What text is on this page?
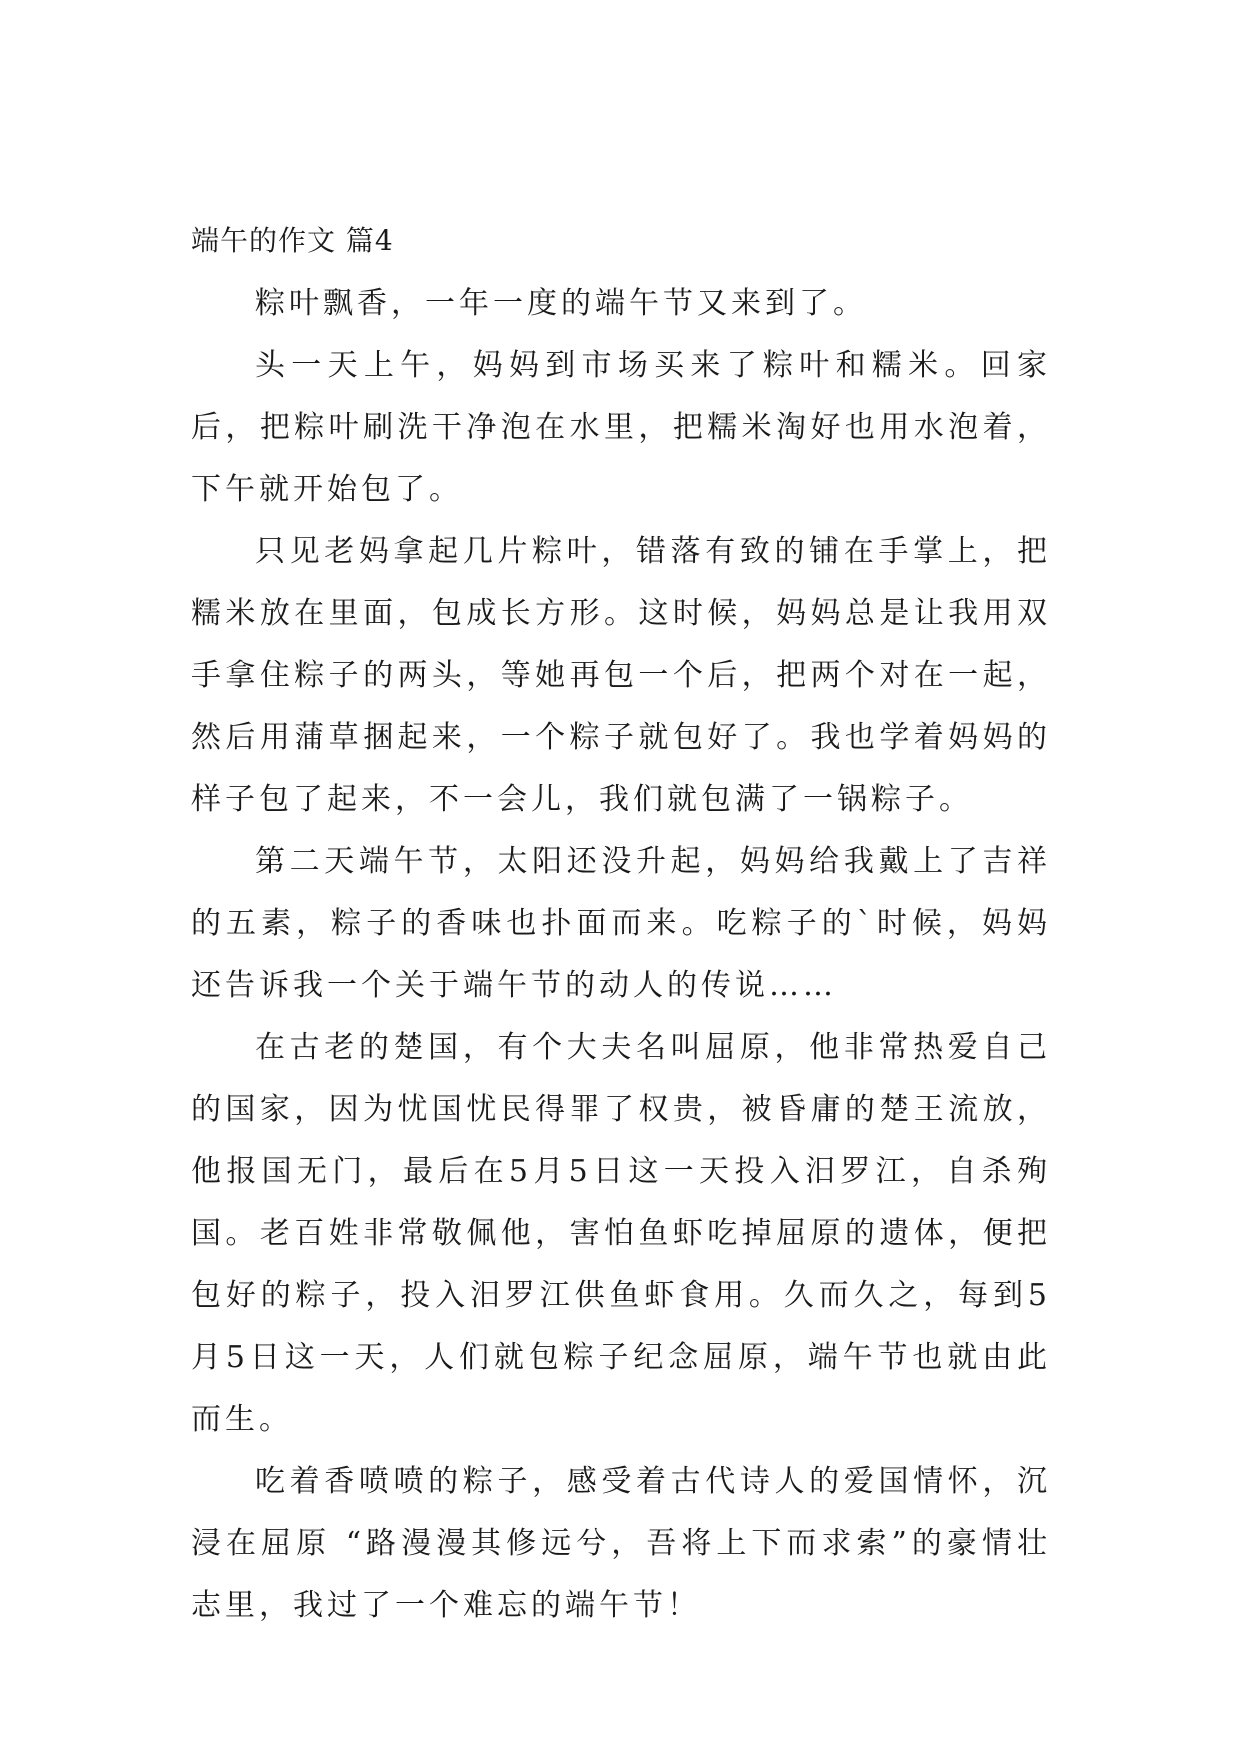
端午的作文 篇4

粽叶飘香，一年一度的端午节又来到了。

头一天上午，妈妈到市场买来了粽叶和糯米。回家后，把粽叶刷洗干净泡在水里，把糯米淘好也用水泡着，下午就开始包了。

只见老妈拿起几片粽叶，错落有致的铺在手掌上，把糯米放在里面，包成长方形。这时候，妈妈总是让我用双手拿住粽子的两头，等她再包一个后，把两个对在一起，然后用蒲草捆起来，一个粽子就包好了。我也学着妈妈的样子包了起来，不一会儿，我们就包满了一锅粽子。

第二天端午节，太阳还没升起，妈妈给我戴上了吉祥的五素，粽子的香味也扑面而来。吃粽子的`时候，妈妈还告诉我一个关于端午节的动人的传说……

在古老的楚国，有个大夫名叫屈原，他非常热爱自己的国家，因为忧国忧民得罪了权贵，被昏庸的楚王流放，他报国无门，最后在5月5日这一天投入汨罗江，自杀殉国。老百姓非常敬佩他，害怕鱼虾吃掉屈原的遗体，便把包好的粽子，投入汨罗江供鱼虾食用。久而久之，每到5月5日这一天，人们就包粽子纪念屈原，端午节也就由此而生。

吃着香喷喷的粽子，感受着古代诗人的爱国情怀，沉浸在屈原 “路漫漫其修远兮，吾将上下而求索”的豪情壮志里，我过了一个难忘的端午节！
